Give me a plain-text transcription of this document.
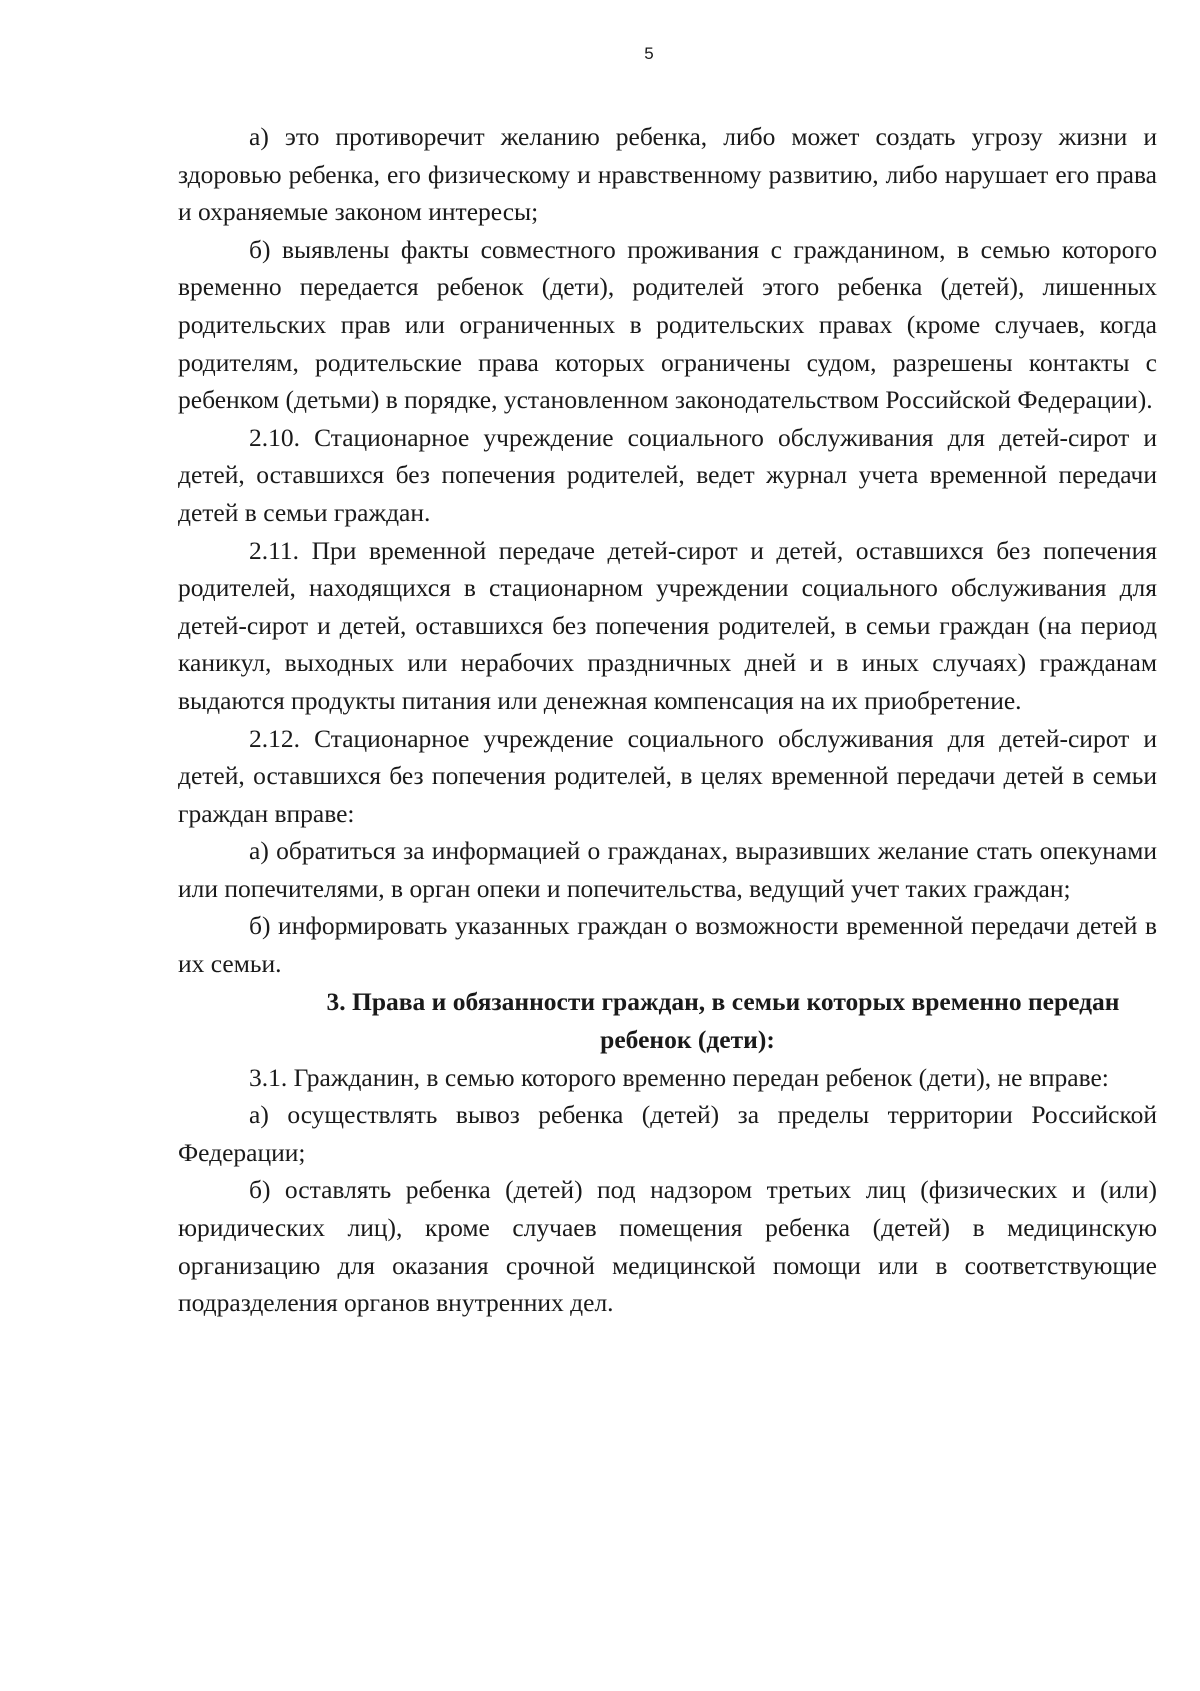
5

а) это противоречит желанию ребенка, либо может создать угрозу жизни и здоровью ребенка, его физическому и нравственному развитию, либо нарушает его права и охраняемые законом интересы;

б) выявлены факты совместного проживания с гражданином, в семью которого временно передается ребенок (дети), родителей этого ребенка (детей), лишенных родительских прав или ограниченных в родительских правах (кроме случаев, когда родителям, родительские права которых ограничены судом, разрешены контакты с ребенком (детьми) в порядке, установленном законодательством Российской Федерации).

2.10. Стационарное учреждение социального обслуживания для детей-сирот и детей, оставшихся без попечения родителей, ведет журнал учета временной передачи детей в семьи граждан.

2.11. При временной передаче детей-сирот и детей, оставшихся без попечения родителей, находящихся в стационарном учреждении социального обслуживания для детей-сирот и детей, оставшихся без попечения родителей, в семьи граждан (на период каникул, выходных или нерабочих праздничных дней и в иных случаях) гражданам выдаются продукты питания или денежная компенсация на их приобретение.

2.12. Стационарное учреждение социального обслуживания для детей-сирот и детей, оставшихся без попечения родителей, в целях временной передачи детей в семьи граждан вправе:

а) обратиться за информацией о гражданах, выразивших желание стать опекунами или попечителями, в орган опеки и попечительства, ведущий учет таких граждан;

б) информировать указанных граждан о возможности временной передачи детей в их семьи.

3. Права и обязанности граждан, в семьи которых временно передан ребенок (дети):

3.1. Гражданин, в семью которого временно передан ребенок (дети), не вправе:

а) осуществлять вывоз ребенка (детей) за пределы территории Российской Федерации;

б) оставлять ребенка (детей) под надзором третьих лиц (физических и (или) юридических лиц), кроме случаев помещения ребенка (детей) в медицинскую организацию для оказания срочной медицинской помощи или в соответствующие подразделения органов внутренних дел.
